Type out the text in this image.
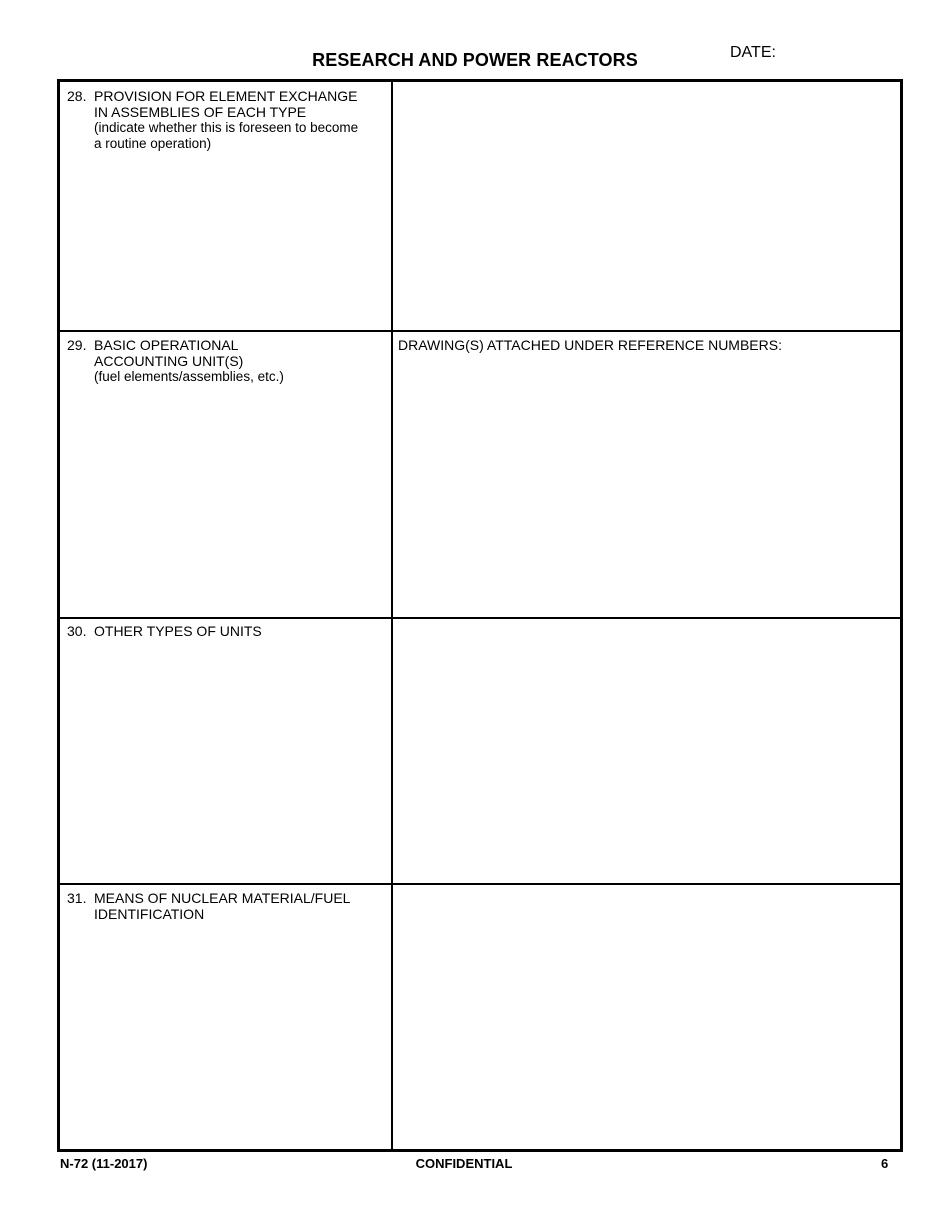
RESEARCH AND POWER REACTORS	DATE:
28. PROVISION FOR ELEMENT EXCHANGE
IN ASSEMBLIES OF EACH TYPE
(indicate whether this is foreseen to become
a routine operation)
29. BASIC OPERATIONAL
ACCOUNTING UNIT(S)
(fuel elements/assemblies, etc.)
DRAWING(S) ATTACHED UNDER REFERENCE NUMBERS:
30. OTHER TYPES OF UNITS
31. MEANS OF NUCLEAR MATERIAL/FUEL
IDENTIFICATION
N-72 (11-2017)	CONFIDENTIAL	6
